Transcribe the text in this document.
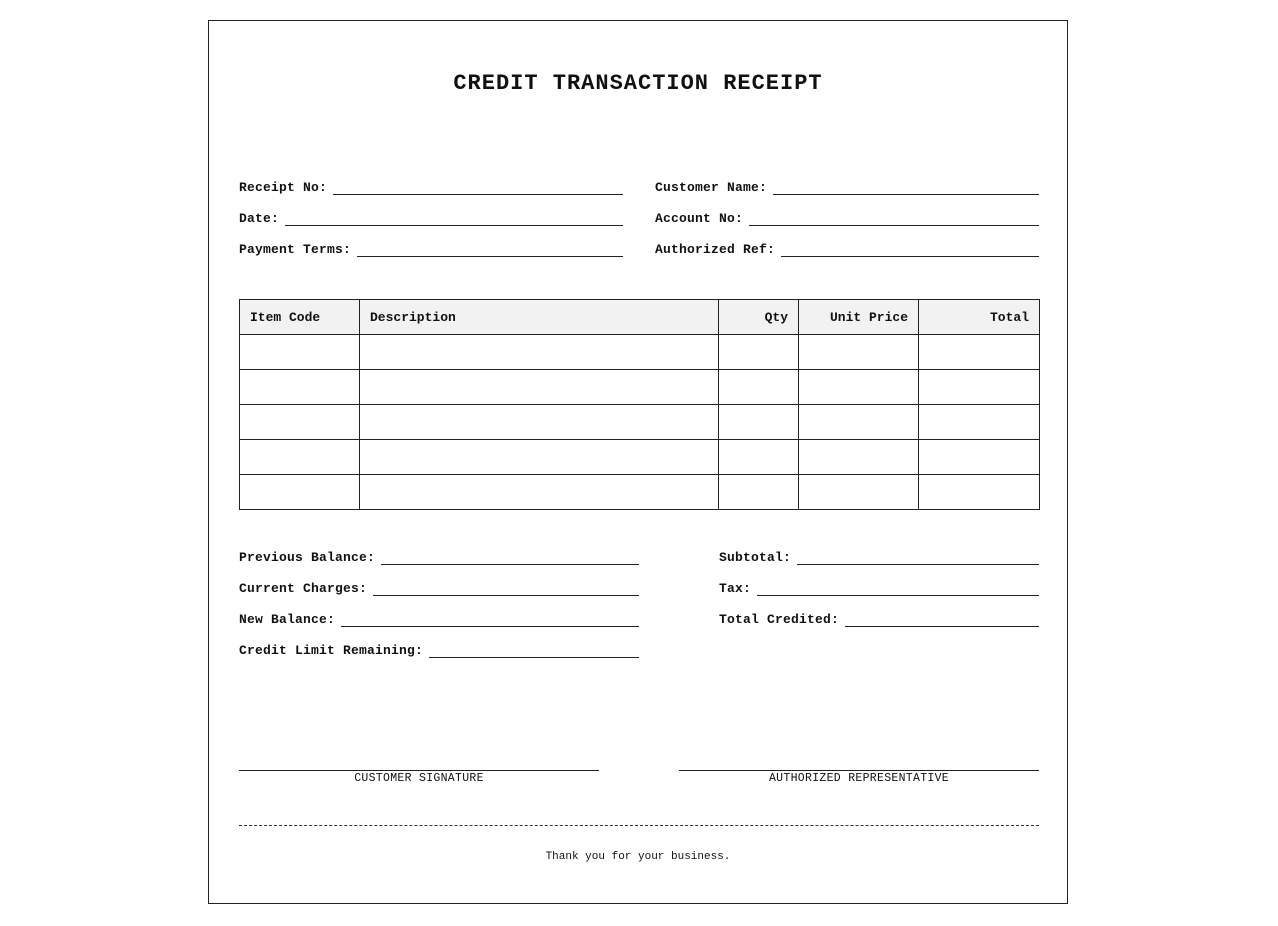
CREDIT TRANSACTION RECEIPT
Receipt No:
Date:
Payment Terms:
Customer Name:
Account No:
Authorized Ref:
Item Code	Description	Qty	Unit Price	Total

Previous Balance:
Current Charges:
New Balance:
Credit Limit Remaining:
Subtotal:
Tax:
Total Credited:
CUSTOMER SIGNATURE	AUTHORIZED REPRESENTATIVE
Thank you for your business.
